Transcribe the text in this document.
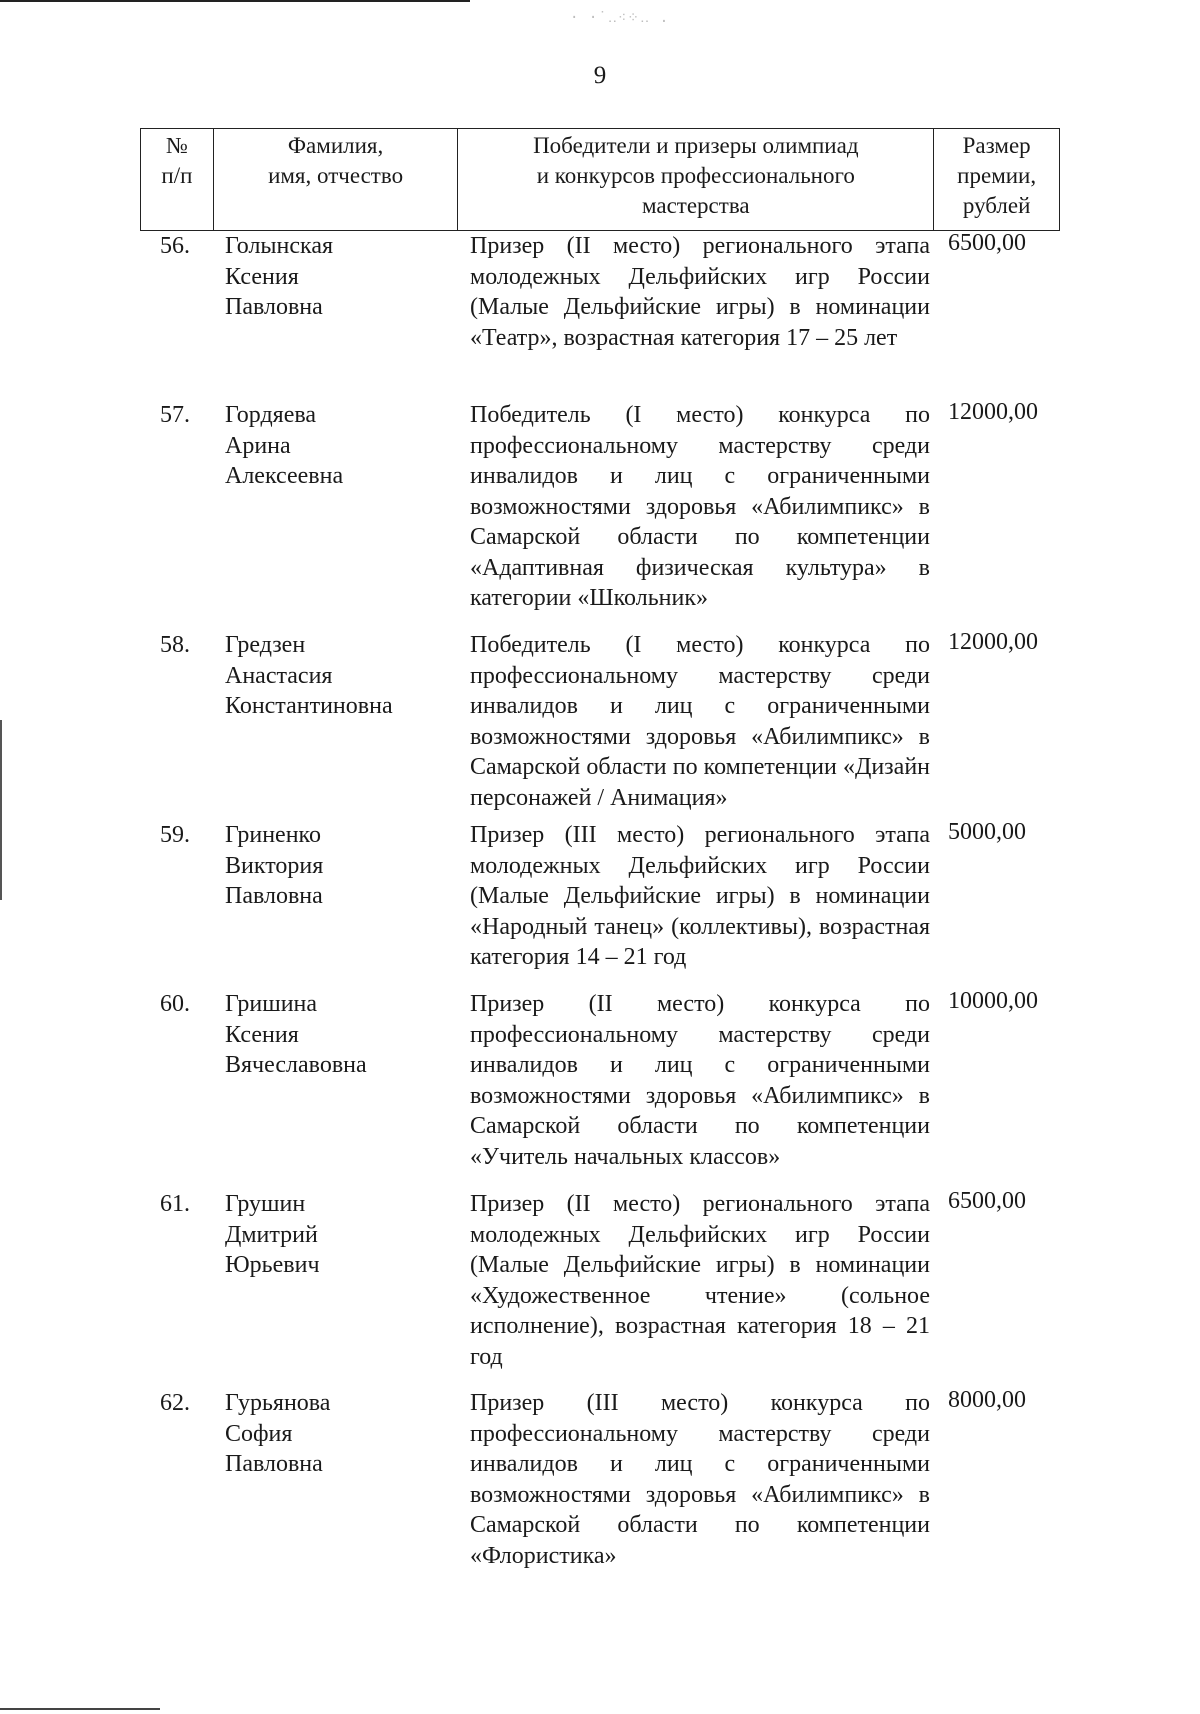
· ·˙‥⁖⁘‥ .
9
№
п/п
Фамилия,
имя, отчество
Победители и призеры олимпиад
и конкурсов профессионального
мастерства
Размер
премии,
рублей
56. Голынская
Ксения
Павловна
Призер (II место) регионального этапа молодежных Дельфийских игр России (Малые Дельфийские игры) в номинации «Театр», возрастная категория 17 – 25 лет
6500,00
57. Гордяева
Арина
Алексеевна
Победитель (I место) конкурса по профессиональному мастерству среди инвалидов и лиц с ограниченными возможностями здоровья «Абилимпикс» в Самарской области по компетенции «Адаптивная физическая культура» в категории «Школьник»
12000,00
58. Гредзен
Анастасия
Константиновна
Победитель (I место) конкурса по профессиональному мастерству среди инвалидов и лиц с ограниченными возможностями здоровья «Абилимпикс» в Самарской области по компетенции «Дизайн персонажей / Анимация»
12000,00
59. Гриненко
Виктория
Павловна
Призер (III место) регионального этапа молодежных Дельфийских игр России (Малые Дельфийские игры) в номинации «Народный танец» (коллективы), возрастная категория 14 – 21 год
5000,00
60. Гришина
Ксения
Вячеславовна
Призер (II место) конкурса по профессиональному мастерству среди инвалидов и лиц с ограниченными возможностями здоровья «Абилимпикс» в Самарской области по компетенции «Учитель начальных классов»
10000,00
61. Грушин
Дмитрий
Юрьевич
Призер (II место) регионального этапа молодежных Дельфийских игр России (Малые Дельфийские игры) в номинации «Художественное чтение» (сольное исполнение), возрастная категория 18 – 21 год
6500,00
62. Гурьянова
София
Павловна
Призер (III место) конкурса по профессиональному мастерству среди инвалидов и лиц с ограниченными возможностями здоровья «Абилимпикс» в Самарской области по компетенции «Флористика»
8000,00
